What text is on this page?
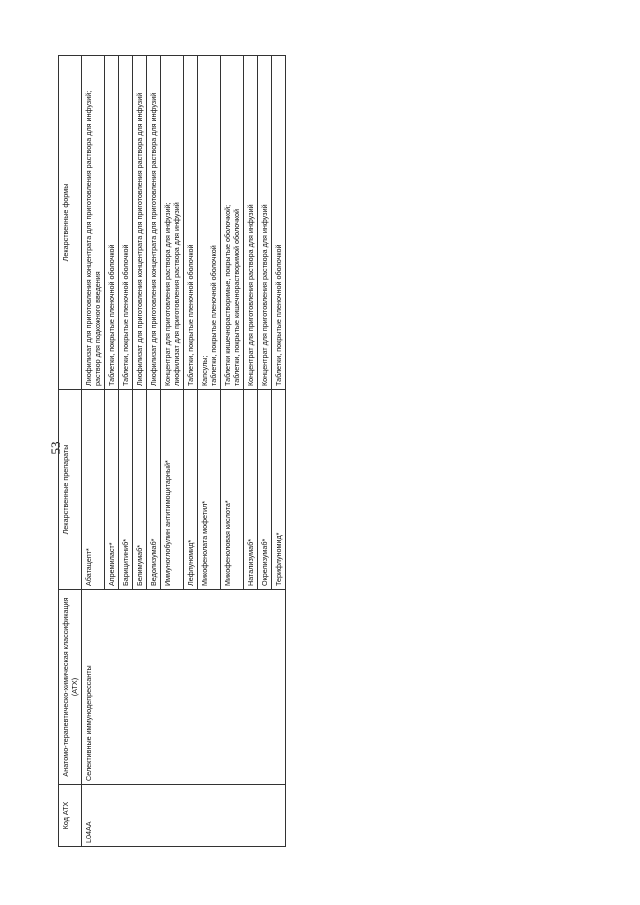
53
Код АТХ	Анатомо-терапевтическо-химическая классификация (АТХ)	Лекарственные препараты	Лекарственные формы
L04AA	Селективные иммунодепрессанты	Абатацепт*	Лиофилизат для приготовления концентрата для приготовления раствора для инфузий; раствор для подкожного введения

		Апремиласт*	Таблетки, покрытые пленочной оболочкой

		Барицитиниб*	Таблетки, покрытые пленочной оболочкой

		Белимумаб*	Лиофилизат для приготовления концентрата для приготовления раствора для инфузий

		Ведолизумаб*	Лиофилизат для приготовления концентрата для приготовления раствора для инфузий

		Иммуноглобулин антитимоцитарный*	Концентрат для приготовления раствора для инфузий; лиофилизат для приготовления раствора для инфузий

		Лефлуномид*	Таблетки, покрытые пленочной оболочкой

		Микофенолата мофетил*	Капсулы; таблетки, покрытые пленочной оболочкой

		Микофеноловая кислота*	Таблетки кишечнорастворимые, покрытые оболочкой; таблетки, покрытые кишечнорастворимой оболочкой

		Натализумаб*	Концентрат для приготовления раствора для инфузий

		Окрелизумаб*	Концентрат для приготовления раствора для инфузий

		Терифлуномид*	Таблетки, покрытые пленочной оболочкой
